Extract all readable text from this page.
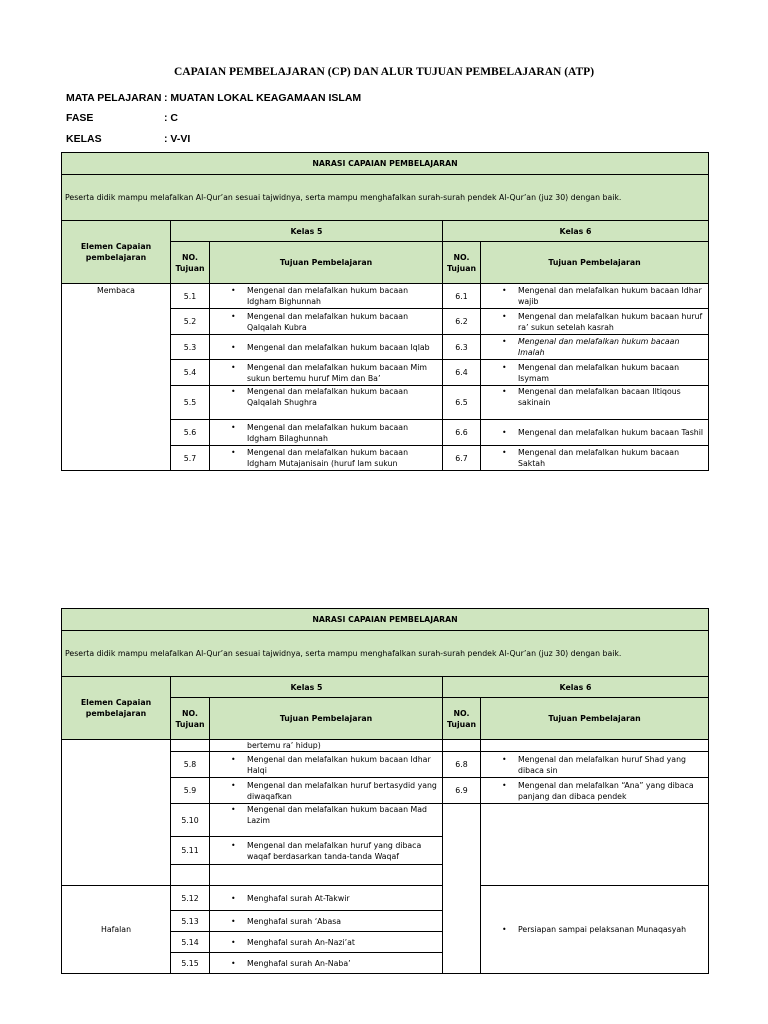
CAPAIAN PEMBELAJARAN (CP) DAN ALUR TUJUAN PEMBELAJARAN (ATP)
MATA PELAJARAN : MUATAN LOKAL KEAGAMAAN ISLAM
FASE	: C
KELAS	: V-VI
NARASI CAPAIAN PEMBELAJARAN				
Peserta didik mampu melafalkan Al-Qur’an sesuai tajwidnya, serta mampu menghafalkan surah-surah pendek Al-Qur’an (juz 30) dengan baik.				
Elemen Capaian pembelajaran	Kelas 5		Kelas 6	
	NO. Tujuan	Tujuan Pembelajaran	NO. Tujuan	Tujuan Pembelajaran
Membaca	5.1	• Mengenal dan melafalkan hukum bacaan Idgham Bighunnah	6.1	• Mengenal dan melafalkan hukum bacaan Idhar wajib

	5.2	• Mengenal dan melafalkan hukum bacaan Qalqalah Kubra	6.2	• Mengenal dan melafalkan hukum bacaan huruf ra’ sukun setelah kasrah

	5.3	• Mengenal dan melafalkan hukum bacaan Iqlab	6.3	• Mengenal dan melafalkan hukum bacaan Imalah

	5.4	• Mengenal dan melafalkan hukum bacaan Mim sukun bertemu huruf Mim dan Ba’	6.4	• Mengenal dan melafalkan hukum bacaan Isymam

	5.5	• Mengenal dan melafalkan hukum bacaan Qalqalah Shughra	6.5	• Mengenal dan melafalkan bacaan Iltiqous sakinain

	5.6	• Mengenal dan melafalkan hukum bacaan Idgham Bilaghunnah	6.6	• Mengenal dan melafalkan hukum bacaan Tashil

	5.7	• Mengenal dan melafalkan hukum bacaan Idgham Mutajanisain (huruf lam sukun	6.7	• Mengenal dan melafalkan hukum bacaan Saktah
NARASI CAPAIAN PEMBELAJARAN				
Peserta didik mampu melafalkan Al-Qur’an sesuai tajwidnya, serta mampu menghafalkan surah-surah pendek Al-Qur’an (juz 30) dengan baik.				
Elemen Capaian pembelajaran	Kelas 5		Kelas 6	
	NO. Tujuan	Tujuan Pembelajaran	NO. Tujuan	Tujuan Pembelajaran
		bertemu ra’ hidup)		
	5.8	• Mengenal dan melafalkan hukum bacaan Idhar Halqi	6.8	• Mengenal dan melafalkan huruf Shad yang dibaca sin

	5.9	• Mengenal dan melafalkan huruf bertasydid yang diwaqafkan	6.9	• Mengenal dan melafalkan “Ana” yang dibaca panjang dan dibaca pendek

	5.10	• Mengenal dan melafalkan hukum bacaan Mad Lazim		

	5.11	• Mengenal dan melafalkan huruf yang dibaca waqaf berdasarkan tanda-tanda Waqaf		

Hafalan	5.12	• Menghafal surah At-Takwir		• Persiapan sampai pelaksanan Munaqasyah

	5.13	• Menghafal surah ‘Abasa		

	5.14	• Menghafal surah An-Nazi’at		

	5.15	• Menghafal surah An-Naba’		
